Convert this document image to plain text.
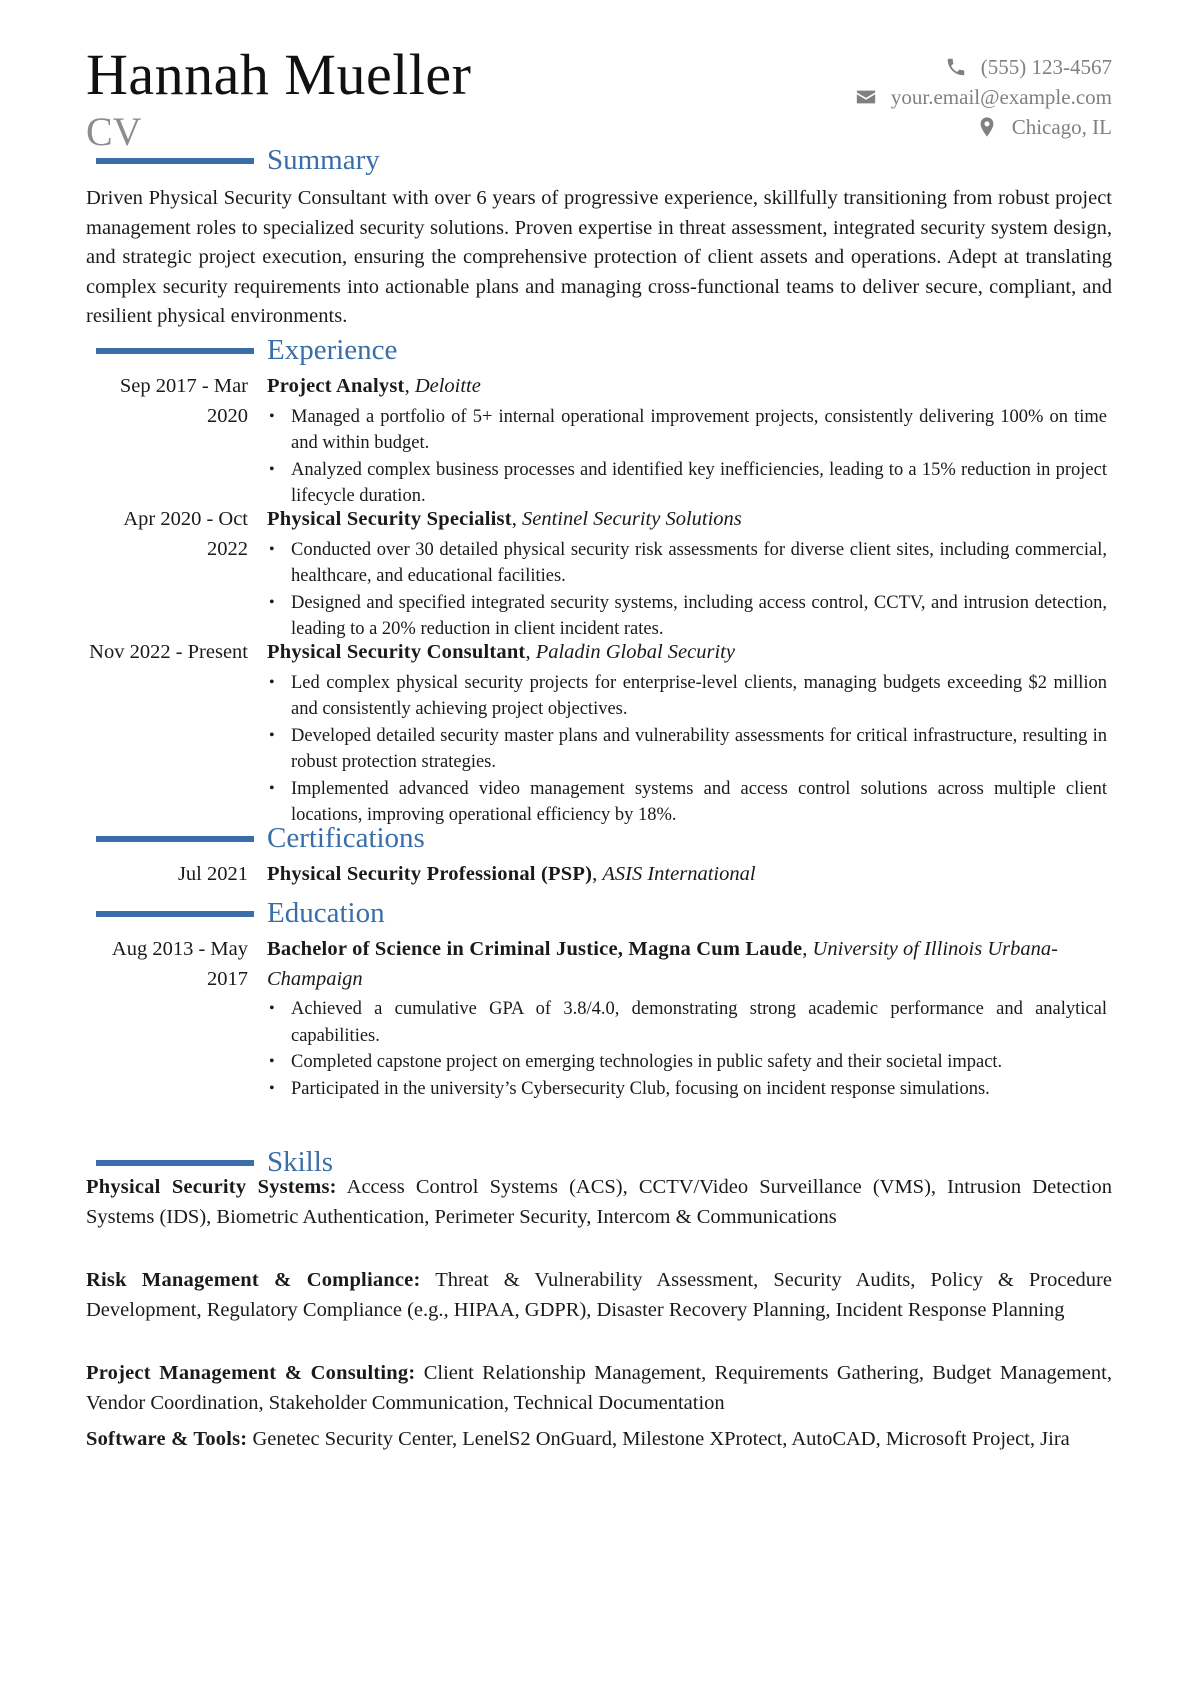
Hannah Mueller
CV
(555) 123-4567
your.email@example.com
Chicago, IL
Summary
Driven Physical Security Consultant with over 6 years of progressive experience, skillfully transitioning from robust project management roles to specialized security solutions. Proven expertise in threat assessment, integrated security system design, and strategic project execution, ensuring the comprehensive protection of client assets and operations. Adept at translating complex security requirements into actionable plans and managing cross-functional teams to deliver secure, compliant, and resilient physical environments.
Experience
Sep 2017 - Mar 2020
Project Analyst, Deloitte
• Managed a portfolio of 5+ internal operational improvement projects, consistently delivering 100% on time and within budget.
• Analyzed complex business processes and identified key inefficiencies, leading to a 15% reduction in project lifecycle duration.
Apr 2020 - Oct 2022
Physical Security Specialist, Sentinel Security Solutions
• Conducted over 30 detailed physical security risk assessments for diverse client sites, including commercial, healthcare, and educational facilities.
• Designed and specified integrated security systems, including access control, CCTV, and intrusion detection, leading to a 20% reduction in client incident rates.
Nov 2022 - Present Physical Security Consultant, Paladin Global Security
• Led complex physical security projects for enterprise-level clients, managing budgets exceeding $2 million and consistently achieving project objectives.
• Developed detailed security master plans and vulnerability assessments for critical infrastructure, resulting in robust protection strategies.
• Implemented advanced video management systems and access control solutions across multiple client locations, improving operational efficiency by 18%.
Certifications
Jul 2021 Physical Security Professional (PSP), ASIS International
Education
Aug 2013 - May 2017
Bachelor of Science in Criminal Justice, Magna Cum Laude, University of Illinois Urbana-Champaign
• Achieved a cumulative GPA of 3.8/4.0, demonstrating strong academic performance and analytical capabilities.
• Completed capstone project on emerging technologies in public safety and their societal impact.
• Participated in the university’s Cybersecurity Club, focusing on incident response simulations.
Skills
Physical Security Systems: Access Control Systems (ACS), CCTV/Video Surveillance (VMS), Intrusion Detection Systems (IDS), Biometric Authentication, Perimeter Security, Intercom & Communications
Risk Management & Compliance: Threat & Vulnerability Assessment, Security Audits, Policy & Procedure Development, Regulatory Compliance (e.g., HIPAA, GDPR), Disaster Recovery Planning, Incident Response Planning
Project Management & Consulting: Client Relationship Management, Requirements Gathering, Budget Management, Vendor Coordination, Stakeholder Communication, Technical Documentation
Software & Tools: Genetec Security Center, LenelS2 OnGuard, Milestone XProtect, AutoCAD, Microsoft Project, Jira
